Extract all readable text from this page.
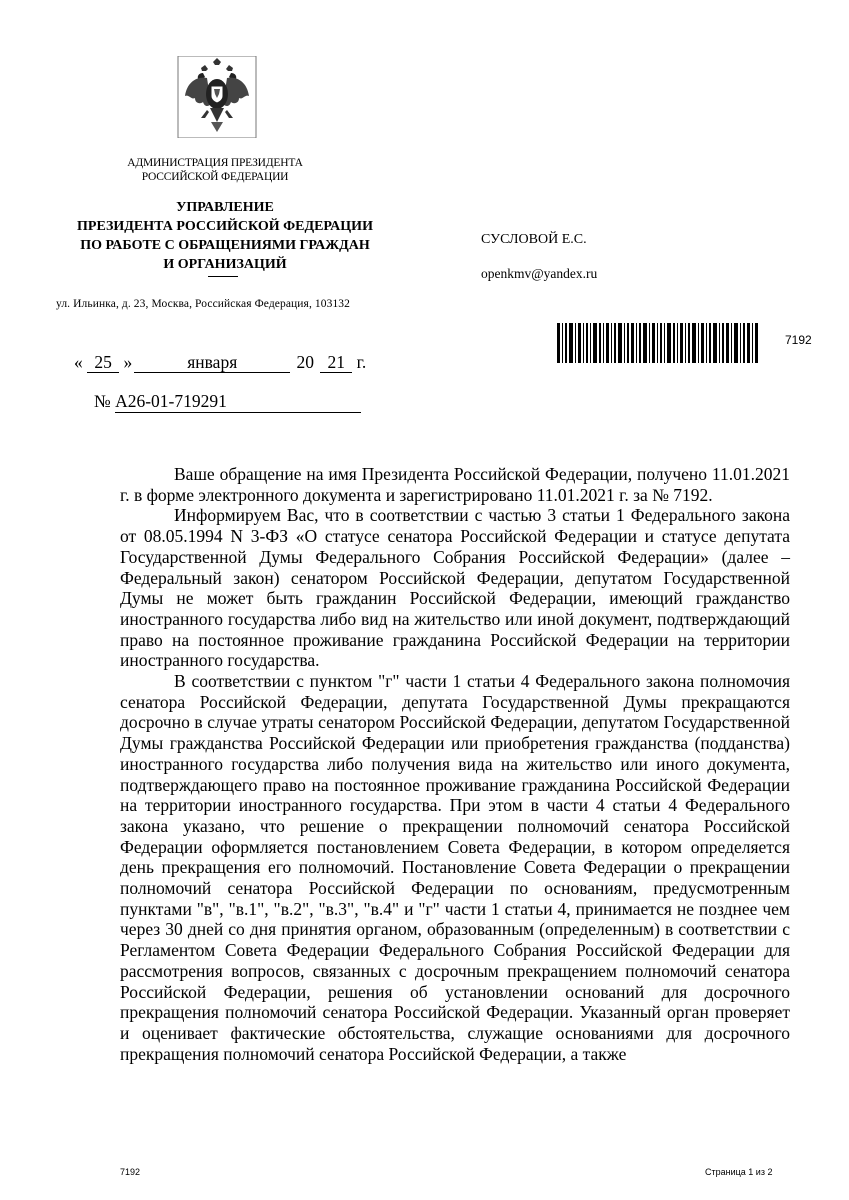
АДМИНИСТРАЦИЯ ПРЕЗИДЕНТА
РОССИЙСКОЙ ФЕДЕРАЦИИ
УПРАВЛЕНИЕ
ПРЕЗИДЕНТА РОССИЙСКОЙ ФЕДЕРАЦИИ
ПО РАБОТЕ С ОБРАЩЕНИЯМИ ГРАЖДАН
И ОРГАНИЗАЦИЙ
ул. Ильинка, д. 23, Москва, Российская Федерация, 103132
СУСЛОВОЙ Е.С.
openkmv@yandex.ru
7192
« 25 »	января	20 21 г.
№ А26-01-719291

Ваше обращение на имя Президента Российской Федерации, получено 11.01.2021 г. в форме электронного документа и зарегистрировано 11.01.2021 г. за № 7192.

Информируем Вас, что в соответствии с частью 3 статьи 1 Федерального закона от 08.05.1994 N 3-ФЗ «О статусе сенатора Российской Федерации и статусе депутата Государственной Думы Федерального Собрания Российской Федерации» (далее – Федеральный закон) сенатором Российской Федерации, депутатом Государственной Думы не может быть гражданин Российской Федерации, имеющий гражданство иностранного государства либо вид на жительство или иной документ, подтверждающий право на постоянное проживание гражданина Российской Федерации на территории иностранного государства.

В соответствии с пунктом "г" части 1 статьи 4 Федерального закона полномочия сенатора Российской Федерации, депутата Государственной Думы прекращаются досрочно в случае утраты сенатором Российской Федерации, депутатом Государственной Думы гражданства Российской Федерации или приобретения гражданства (подданства) иностранного государства либо получения вида на жительство или иного документа, подтверждающего право на постоянное проживание гражданина Российской Федерации на территории иностранного государства. При этом в части 4 статьи 4 Федерального закона указано, что решение о прекращении полномочий сенатора Российской Федерации оформляется постановлением Совета Федерации, в котором определяется день прекращения его полномочий. Постановление Совета Федерации о прекращении полномочий сенатора Российской Федерации по основаниям, предусмотренным пунктами "в", "в.1", "в.2", "в.3", "в.4" и "г" части 1 статьи 4, принимается не позднее чем через 30 дней со дня принятия органом, образованным (определенным) в соответствии с Регламентом Совета Федерации Федерального Собрания Российской Федерации для рассмотрения вопросов, связанных с досрочным прекращением полномочий сенатора Российской Федерации, решения об установлении оснований для досрочного прекращения полномочий сенатора Российской Федерации. Указанный орган проверяет и оценивает фактические обстоятельства, служащие основаниями для досрочного прекращения полномочий сенатора Российской Федерации, а также

7192	Страница 1 из 2
